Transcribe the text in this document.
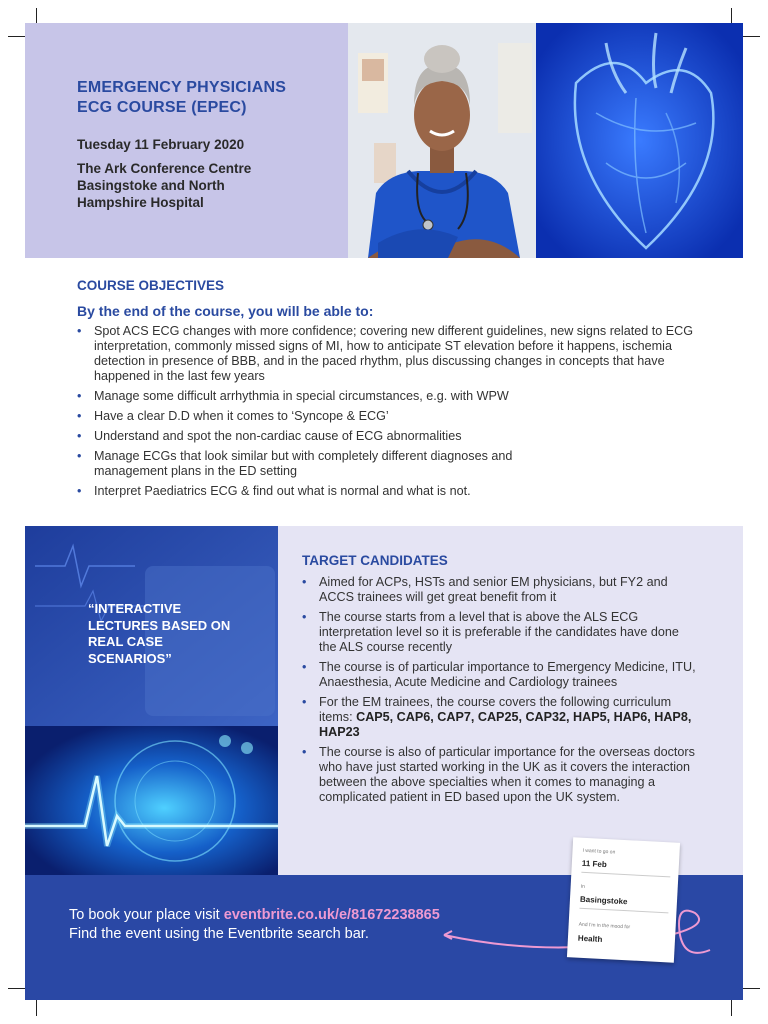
EMERGENCY PHYSICIANS
ECG COURSE (EPEC)
Tuesday 11 February 2020
The Ark Conference Centre
Basingstoke and North
Hampshire Hospital
COURSE OBJECTIVES
By the end of the course, you will be able to:
• Spot ACS ECG changes with more confidence; covering new different guidelines, new signs related to ECG interpretation, commonly missed signs of MI, how to anticipate ST elevation before it happens, ischemia detection in presence of BBB, and in the paced rhythm, plus discussing changes in concepts that have happened in the last few years
• Manage some difficult arrhythmia in special circumstances, e.g. with WPW
• Have a clear D.D when it comes to ‘Syncope & ECG’
• Understand and spot the non-cardiac cause of ECG abnormalities
• Manage ECGs that look similar but with completely different diagnoses and management plans in the ED setting
• Interpret Paediatrics ECG & find out what is normal and what is not.
“INTERACTIVE LECTURES BASED ON REAL CASE SCENARIOS”
TARGET CANDIDATES
• Aimed for ACPs, HSTs and senior EM physicians, but FY2 and ACCS trainees will get great benefit from it
• The course starts from a level that is above the ALS ECG interpretation level so it is preferable if the candidates have done the ALS course recently
• The course is of particular importance to Emergency Medicine, ITU, Anaesthesia, Acute Medicine and Cardiology trainees
• For the EM trainees, the course covers the following curriculum items: CAP5, CAP6, CAP7, CAP25, CAP32, HAP5, HAP6, HAP8, HAP23
• The course is also of particular importance for the overseas doctors who have just started working in the UK as it covers the interaction between the above specialties when it comes to managing a complicated patient in ED based upon the UK system.
To book your place visit eventbrite.co.uk/e/81672238865
Find the event using the Eventbrite search bar.
I want to go on
11 Feb
In
Basingstoke
And I'm in the mood for
Health
